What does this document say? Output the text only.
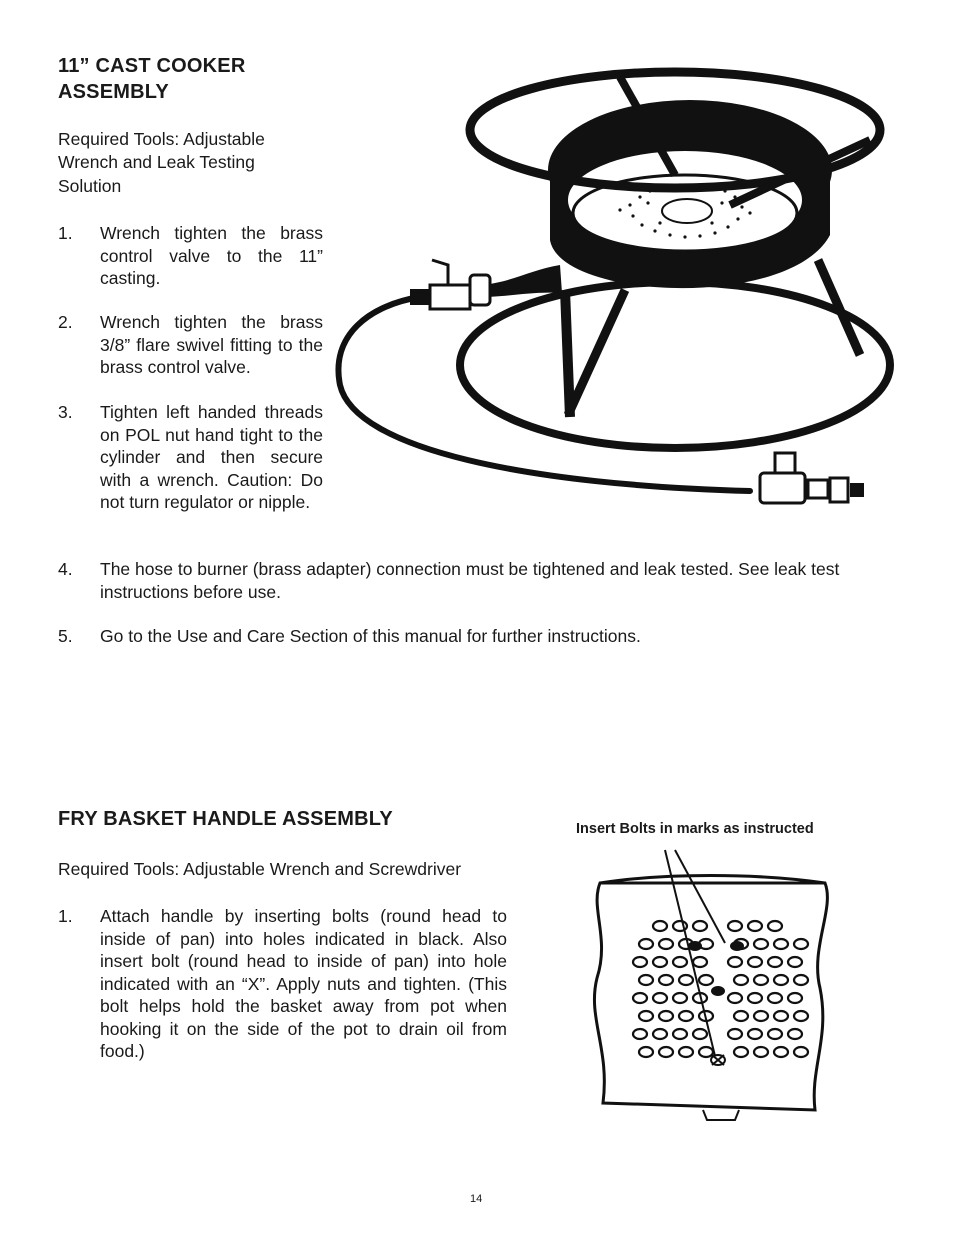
11” CAST COOKER
ASSEMBLY
Required Tools: Adjustable
Wrench and Leak Testing
Solution
1. Wrench tighten the brass control valve to the 11” casting.
2. Wrench tighten the brass 3/8” flare swivel fitting to the brass control valve.
3. Tighten left handed threads on POL nut hand tight to the cylinder and then secure with a wrench. Caution: Do not turn regulator or nipple.
4. The hose to burner (brass adapter) connection must be tightened and leak tested. See leak test instructions before use.
5. Go to the Use and Care Section of this manual for further instructions.
FRY BASKET HANDLE ASSEMBLY
Required Tools: Adjustable Wrench and Screwdriver
1. Attach handle by inserting bolts (round head to inside of pan) into holes indicated in black. Also insert bolt (round head to inside of pan) into hole indicated with an “X”. Apply nuts and tighten. (This bolt helps hold the basket away from pot when hooking it on the side of the pot to drain oil from food.)
Insert Bolts in marks as instructed
14
